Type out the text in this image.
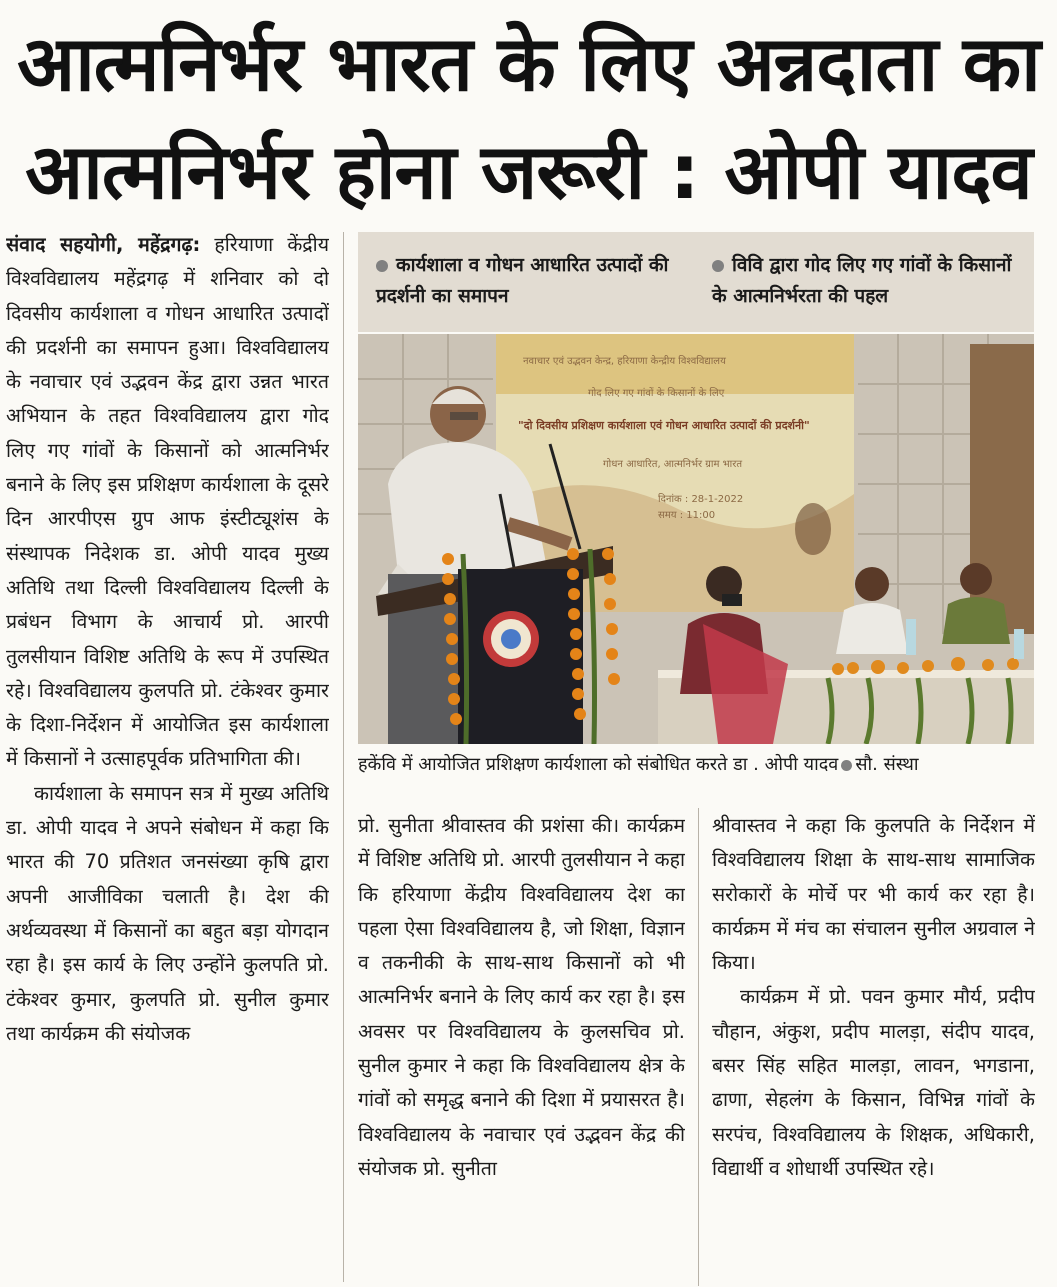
आत्मनिर्भर भारत के लिए अन्नदाता का
आत्मनिर्भर होना जरूरी : ओपी यादव

संवाद सहयोगी, महेंद्रगढ़: हरियाणा केंद्रीय विश्वविद्यालय महेंद्रगढ़ में शनिवार को दो दिवसीय कार्यशाला व गोधन आधारित उत्पादों की प्रदर्शनी का समापन हुआ। विश्वविद्यालय के नवाचार एवं उद्भवन केंद्र द्वारा उन्नत भारत अभियान के तहत विश्वविद्यालय द्वारा गोद लिए गए गांवों के किसानों को आत्मनिर्भर बनाने के लिए इस प्रशिक्षण कार्यशाला के दूसरे दिन आरपीएस ग्रुप आफ इंस्टीट्यूशंस के संस्थापक निदेशक डा. ओपी यादव मुख्य अतिथि तथा दिल्ली विश्वविद्यालय दिल्ली के प्रबंधन विभाग के आचार्य प्रो. आरपी तुलसीयान विशिष्ट अतिथि के रूप में उपस्थित रहे। विश्वविद्यालय कुलपति प्रो. टंकेश्वर कुमार के दिशा-निर्देशन में आयोजित इस कार्यशाला में किसानों ने उत्साहपूर्वक प्रतिभागिता की।

कार्यशाला के समापन सत्र में मुख्य अतिथि डा. ओपी यादव ने अपने संबोधन में कहा कि भारत की 70 प्रतिशत जनसंख्या कृषि द्वारा अपनी आजीविका चलाती है। देश की अर्थव्यवस्था में किसानों का बहुत बड़ा योगदान रहा है। इस कार्य के लिए उन्होंने कुलपति प्रो. टंकेश्वर कुमार, कुलपति प्रो. सुनील कुमार तथा कार्यक्रम की संयोजक

कार्यशाला व गोधन आधारित उत्पादों की प्रदर्शनी का समापन
विवि द्वारा गोद लिए गए गांवों के किसानों के आत्मनिर्भरता की पहल
नवाचार एवं उद्भवन केन्द्र, हरियाणा केन्द्रीय विश्वविद्यालय
गोद लिए गए गांवों के किसानों के लिए
"दो दिवसीय प्रशिक्षण कार्यशाला एवं गोधन आधारित उत्पादों की प्रदर्शनी"
गोधन आधारित, आत्मनिर्भर ग्राम भारत
दिनांक : 28-1-2022
समय : 11:00
हकेंवि में आयोजित प्रशिक्षण कार्यशाला को संबोधित करते डा . ओपी यादव सौ. संस्था

प्रो. सुनीता श्रीवास्तव की प्रशंसा की। कार्यक्रम में विशिष्ट अतिथि प्रो. आरपी तुलसीयान ने कहा कि हरियाणा केंद्रीय विश्वविद्यालय देश का पहला ऐसा विश्वविद्यालय है, जो शिक्षा, विज्ञान व तकनीकी के साथ-साथ किसानों को भी आत्मनिर्भर बनाने के लिए कार्य कर रहा है। इस अवसर पर विश्वविद्यालय के कुलसचिव प्रो. सुनील कुमार ने कहा कि विश्वविद्यालय क्षेत्र के गांवों को समृद्ध बनाने की दिशा में प्रयासरत है। विश्वविद्यालय के नवाचार एवं उद्भवन केंद्र की संयोजक प्रो. सुनीता

श्रीवास्तव ने कहा कि कुलपति के निर्देशन में विश्वविद्यालय शिक्षा के साथ-साथ सामाजिक सरोकारों के मोर्चे पर भी कार्य कर रहा है। कार्यक्रम में मंच का संचालन सुनील अग्रवाल ने किया।

कार्यक्रम में प्रो. पवन कुमार मौर्य, प्रदीप चौहान, अंकुश, प्रदीप मालड़ा, संदीप यादव, बसर सिंह सहित मालड़ा, लावन, भगडाना, ढाणा, सेहलंग के किसान, विभिन्न गांवों के सरपंच, विश्वविद्यालय के शिक्षक, अधिकारी, विद्यार्थी व शोधार्थी उपस्थित रहे।
